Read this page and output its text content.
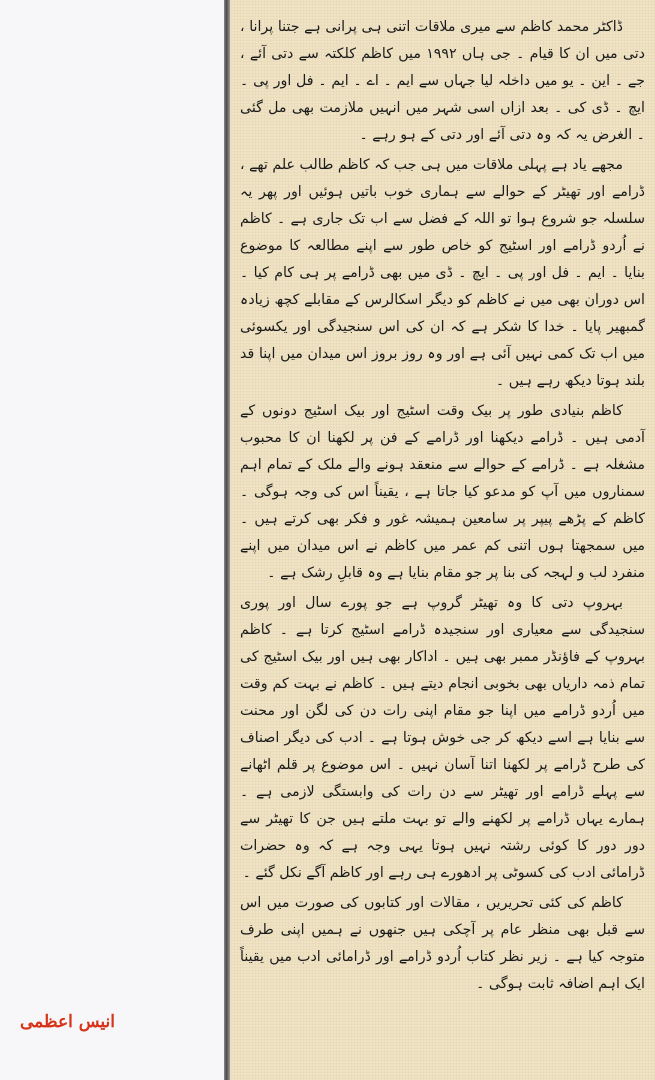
ڈاکٹر محمد کاظم سے میری ملاقات اتنی ہی پرانی ہے جتنا پرانا ، دتی میں ان کا قیام ۔ جی ہاں ۱۹۹۲ میں کاظم کلکتہ سے دتی آئے ، جے ۔ این ۔ یو میں داخلہ لیا جہاں سے ایم ۔ اے ۔ ایم ۔ فل اور پی ۔ ایچ ۔ ڈی کی ۔ بعد ازاں اسی شہر میں انہیں ملازمت بھی مل گئی ۔ الغرض یہ کہ وہ دتی آئے اور دتی کے ہو رہے ۔

مجھے یاد ہے پہلی ملاقات میں ہی جب کہ کاظم طالب علم تھے ، ڈرامے اور تھیٹر کے حوالے سے ہماری خوب باتیں ہوئیں اور پھر یہ سلسلہ جو شروع ہوا تو اللہ کے فضل سے اب تک جاری ہے ۔ کاظم نے اُردو ڈرامے اور اسٹیج کو خاص طور سے اپنے مطالعہ کا موضوع بنایا ۔ ایم ۔ فل اور پی ۔ ایچ ۔ ڈی میں بھی ڈرامے پر ہی کام کیا ۔ اس دوران بھی میں نے کاظم کو دیگر اسکالرس کے مقابلے کچھ زیادہ گمبھیر پایا ۔ خدا کا شکر ہے کہ ان کی اس سنجیدگی اور یکسوئی میں اب تک کمی نہیں آئی ہے اور وہ روز بروز اس میدان میں اپنا قد بلند ہوتا دیکھ رہے ہیں ۔

کاظم بنیادی طور پر بیک وقت اسٹیج اور بیک اسٹیج دونوں کے آدمی ہیں ۔ ڈرامے دیکھنا اور ڈرامے کے فن پر لکھنا ان کا محبوب مشغلہ ہے ۔ ڈرامے کے حوالے سے منعقد ہونے والے ملک کے تمام اہم سمناروں میں آپ کو مدعو کیا جاتا ہے ، یقیناً اس کی وجہ ہوگی ۔ کاظم کے پڑھے پیپر پر سامعین ہمیشہ غور و فکر بھی کرتے ہیں ۔ میں سمجھتا ہوں اتنی کم عمر میں کاظم نے اس میدان میں اپنے منفرد لب و لہجہ کی بنا پر جو مقام بنایا ہے وہ قابلِ رشک ہے ۔

بہروپ دتی کا وہ تھیٹر گروپ ہے جو پورے سال اور پوری سنجیدگی سے معیاری اور سنجیدہ ڈرامے اسٹیج کرتا ہے ۔ کاظم بہروپ کے فاؤنڈر ممبر بھی ہیں ۔ اداکار بھی ہیں اور بیک اسٹیج کی تمام ذمہ داریاں بھی بخوبی انجام دیتے ہیں ۔ کاظم نے بہت کم وقت میں اُردو ڈرامے میں اپنا جو مقام اپنی رات دن کی لگن اور محنت سے بنایا ہے اسے دیکھ کر جی خوش ہوتا ہے ۔ ادب کی دیگر اصناف کی طرح ڈرامے پر لکھنا اتنا آسان نہیں ۔ اس موضوع پر قلم اٹھانے سے پہلے ڈرامے اور تھیٹر سے دن رات کی وابستگی لازمی ہے ۔ ہمارے یہاں ڈرامے پر لکھنے والے تو بہت ملتے ہیں جن کا تھیٹر سے دور دور کا کوئی رشتہ نہیں ہوتا یہی وجہ ہے کہ وہ حضرات ڈرامائی ادب کی کسوٹی پر ادھورے ہی رہے اور کاظم آگے نکل گئے ۔

کاظم کی کئی تحریریں ، مقالات اور کتابوں کی صورت میں اس سے قبل بھی منظر عام پر آچکی ہیں جنھوں نے ہمیں اپنی طرف متوجہ کیا ہے ۔ زیر نظر کتاب اُردو ڈرامے اور ڈرامائی ادب میں یقیناً ایک اہم اضافہ ثابت ہوگی ۔

انیس اعظمی
